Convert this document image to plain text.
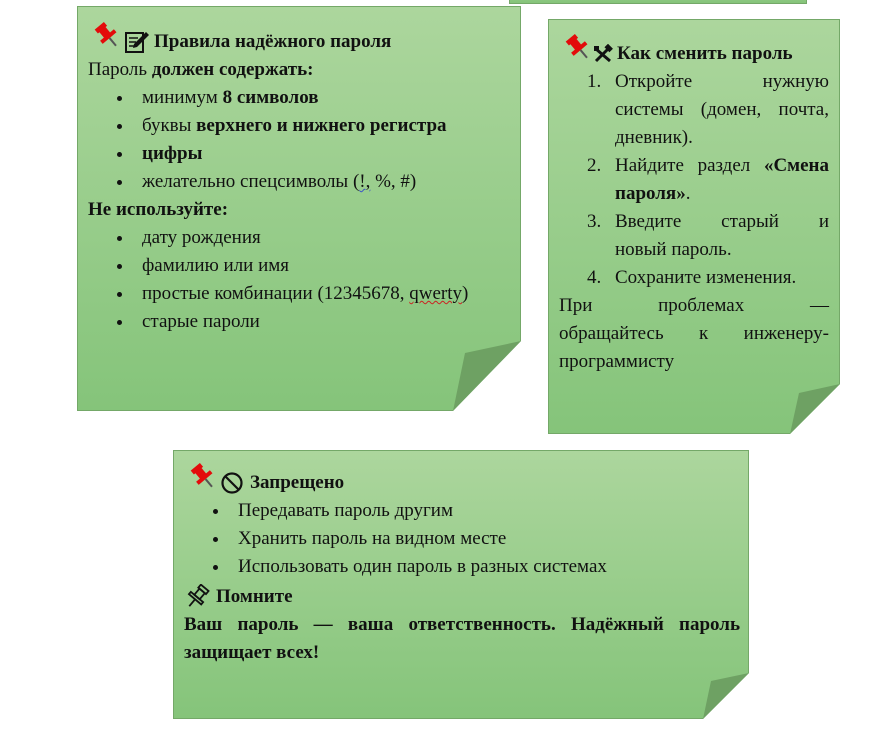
Правила надёжного пароля
Пароль должен содержать:
минимум 8 символов
буквы верхнего и нижнего регистра
цифры
желательно спецсимволы (!, %, #)
Не используйте:
дату рождения
фамилию или имя
простые комбинации (12345678, qwerty)
старые пароли
Как сменить пароль
1. Откройте нужную
системы (домен, почта,
дневник).
2. Найдите раздел «Смена
пароля».
3. Введите старый и
новый пароль.
4. Сохраните изменения.
При проблемах —
обращайтесь к инженеру-
программисту
Запрещено
Передавать пароль другим
Хранить пароль на видном месте
Использовать один пароль в разных системах
Помните
Ваш пароль — ваша ответственность. Надёжный пароль
защищает всех!
